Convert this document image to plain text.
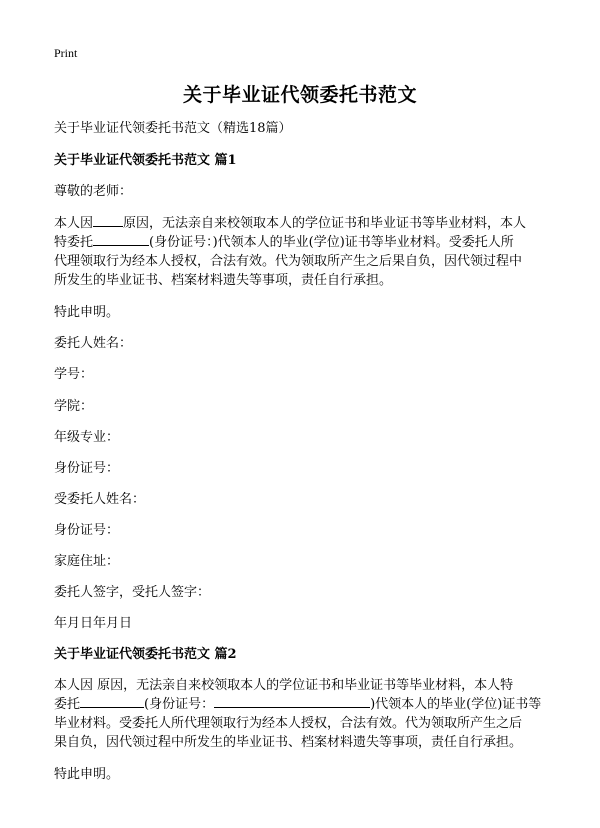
Print
关于毕业证代领委托书范文
关于毕业证代领委托书范文（精选18篇）
关于毕业证代领委托书范文 篇1
尊敬的老师：
本人因 原因，无法亲自来校领取本人的学位证书和毕业证书等毕业材料，本人
特委托	(身份证号：)代领本人的毕业(学位)证书等毕业材料。受委托人所
代理领取行为经本人授权，合法有效。代为领取所产生之后果自负，因代领过程中
所发生的毕业证书、档案材料遗失等事项，责任自行承担。
特此申明。
委托人姓名：
学号：
学院：
年级专业：
身份证号：
受委托人姓名：
身份证号：
家庭住址：
委托人签字，受托人签字：
年月日年月日
关于毕业证代领委托书范文 篇2
本人因 原因，无法亲自来校领取本人的学位证书和毕业证书等毕业材料，本人特
委托	(身份证号：	)代领本人的毕业(学位)证书等
毕业材料。受委托人所代理领取行为经本人授权，合法有效。代为领取所产生之后
果自负，因代领过程中所发生的毕业证书、档案材料遗失等事项，责任自行承担。
特此申明。
